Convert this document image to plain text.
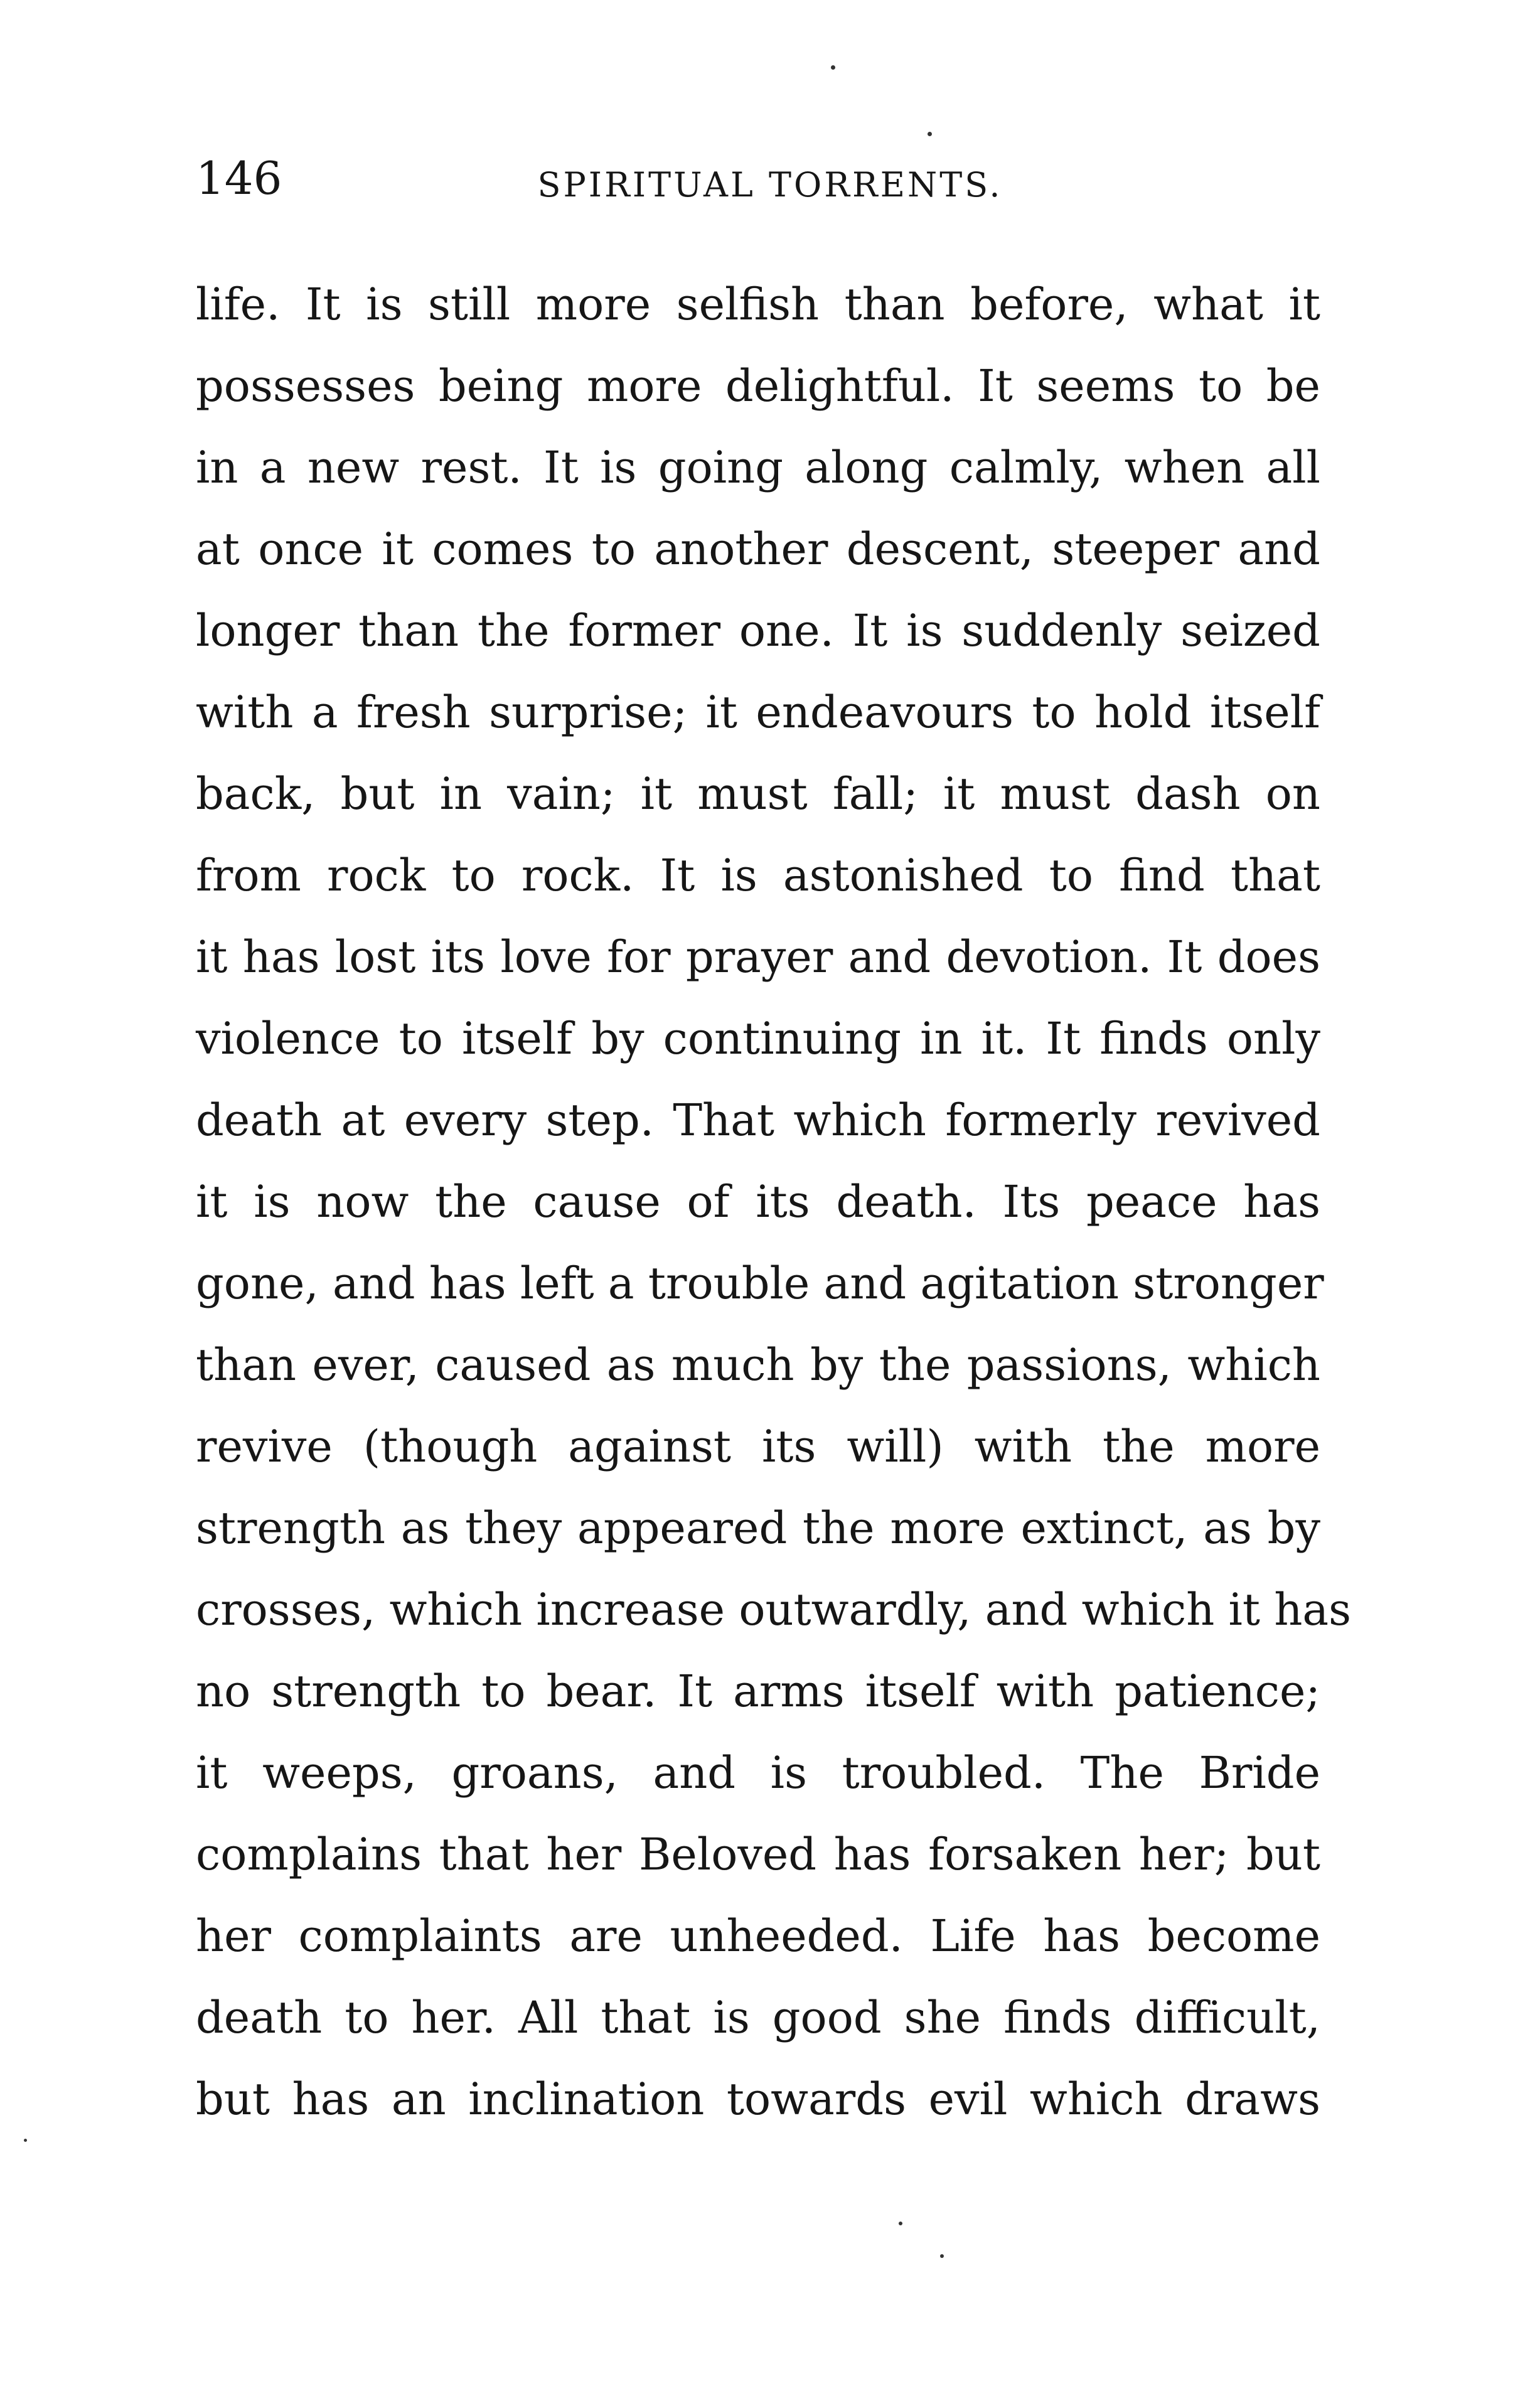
146	SPIRITUAL TORRENTS.
life. It is still more selfish than before, what it
possesses being more delightful. It seems to be
in a new rest. It is going along calmly, when all
at once it comes to another descent, steeper and
longer than the former one. It is suddenly seized
with a fresh surprise; it endeavours to hold itself
back, but in vain; it must fall; it must dash on
from rock to rock. It is astonished to find that
it has lost its love for prayer and devotion. It does
violence to itself by continuing in it. It finds only
death at every step. That which formerly revived
it is now the cause of its death. Its peace has
gone, and has left a trouble and agitation stronger
than ever, caused as much by the passions, which
revive (though against its will) with the more
strength as they appeared the more extinct, as by
crosses, which increase outwardly, and which it has
no strength to bear. It arms itself with patience;
it weeps, groans, and is troubled. The Bride
complains that her Beloved has forsaken her; but
her complaints are unheeded. Life has become
death to her. All that is good she finds difficult,
but has an inclination towards evil which draws
